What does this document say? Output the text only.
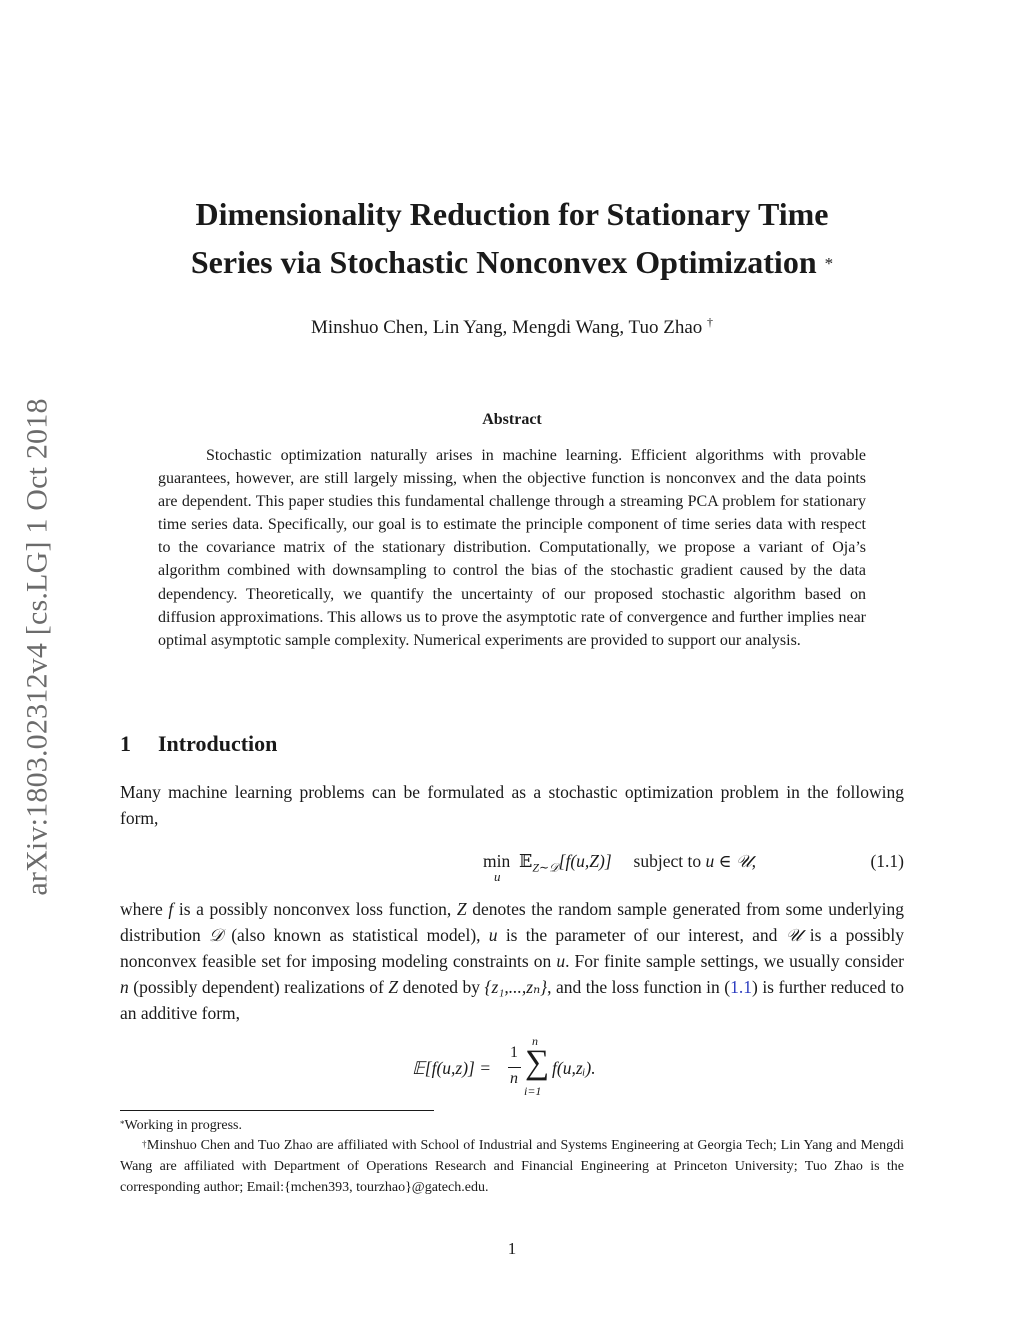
arXiv:1803.02312v4 [cs.LG] 1 Oct 2018
Dimensionality Reduction for Stationary Time
Series via Stochastic Nonconvex Optimization *

Minshuo Chen, Lin Yang, Mengdi Wang, Tuo Zhao †

Abstract

Stochastic optimization naturally arises in machine learning. Efficient algorithms with provable guarantees, however, are still largely missing, when the objective function is nonconvex and the data points are dependent. This paper studies this fundamental challenge through a streaming PCA problem for stationary time series data. Specifically, our goal is to estimate the principle component of time series data with respect to the covariance matrix of the stationary distribution. Computationally, we propose a variant of Oja’s algorithm combined with downsampling to control the bias of the stochastic gradient caused by the data dependency. Theoretically, we quantify the uncertainty of our proposed stochastic algorithm based on diffusion approximations. This allows us to prove the asymptotic rate of convergence and further implies near optimal asymptotic sample complexity. Numerical experiments are provided to support our analysis.

1 Introduction

Many machine learning problems can be formulated as a stochastic optimization problem in the following form,

min
u
𝔼$_{Z\sim 𝒟}$[f(u,Z)] subject to u ∈ 𝒰,	(1.1)

where f is a possibly nonconvex loss function, Z denotes the random sample generated from some underlying distribution 𝒟 (also known as statistical model), u is the parameter of our interest, and 𝒰 is a possibly nonconvex feasible set for imposing modeling constraints on u. For finite sample settings, we usually consider n (possibly dependent) realizations of Z denoted by {z₁,...,zₙ}, and the loss function in (1.1) is further reduced to an additive form,

𝔼[f(u,z)] =
1
n
n
∑
i=1
f(u,zᵢ).

*Working in progress.

†Minshuo Chen and Tuo Zhao are affiliated with School of Industrial and Systems Engineering at Georgia Tech; Lin Yang and Mengdi Wang are affiliated with Department of Operations Research and Financial Engineering at Princeton University; Tuo Zhao is the corresponding author; Email:{mchen393, tourzhao}@gatech.edu.

1
